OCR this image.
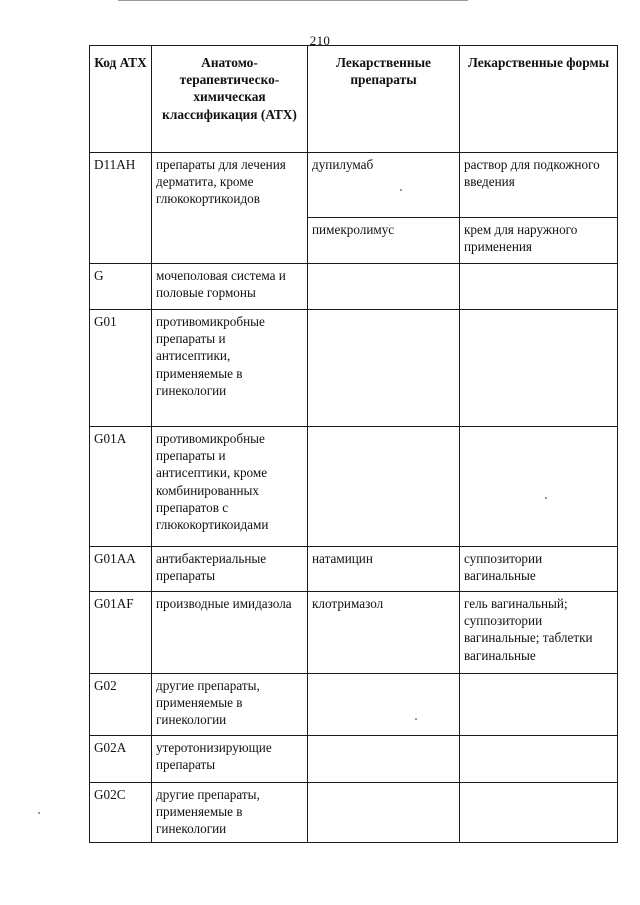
210
Код АТХ	Анатомо-терапевтическо-химическая классификация (АТХ)	Лекарственные препараты	Лекарственные формы
D11AH	препараты для лечения дерматита, кроме глюкокортикоидов	дупилумаб	раствор для подкожного введения
		пимекролимус	крем для наружного применения
G	мочеполовая система и половые гормоны		
G01	противомикробные препараты и антисептики, применяемые в гинекологии		
G01A	противомикробные препараты и антисептики, кроме комбинированных препаратов с глюкокортикоидами		
G01AA	антибактериальные препараты	натамицин	суппозитории вагинальные
G01AF	производные имидазола	клотримазол	гель вагинальный; суппозитории вагинальные; таблетки вагинальные
G02	другие препараты, применяемые в гинекологии		
G02A	утеротонизирующие препараты		
G02C	другие препараты, применяемые в гинекологии		
